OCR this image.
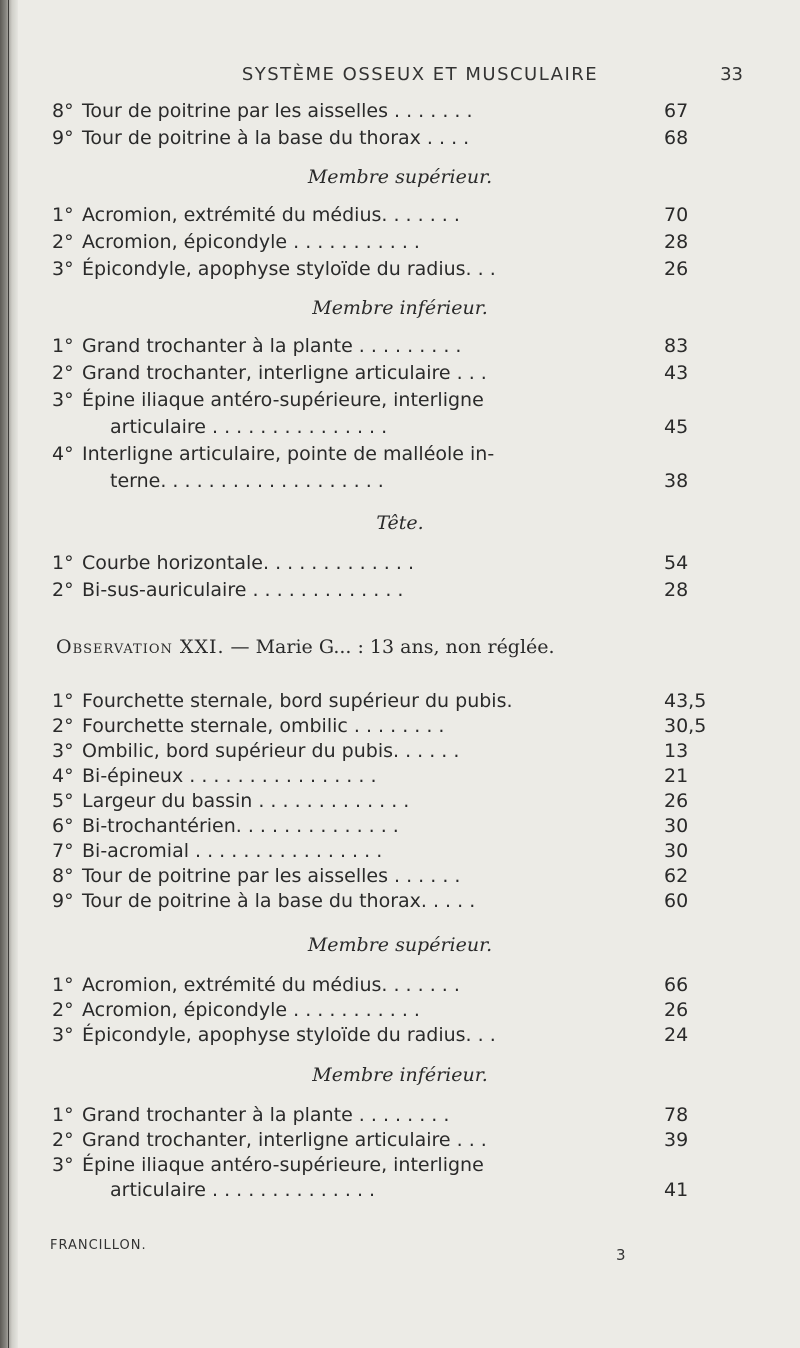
SYSTÈME OSSEUX ET MUSCULAIRE	33
8° Tour de poitrine par les aisselles . . . . . . .	67
9° Tour de poitrine à la base du thorax . . . .	68
Membre supérieur.
1° Acromion, extrémité du médius. . . . . . .	70
2° Acromion, épicondyle . . . . . . . . . . .	28
3° Épicondyle, apophyse styloïde du radius. . .	26
Membre inférieur.
1° Grand trochanter à la plante . . . . . . . . .	83
2° Grand trochanter, interligne articulaire . . .	43
3° Épine iliaque antéro-supérieure, interligne
articulaire . . . . . . . . . . . . . . .	45
4° Interligne articulaire, pointe de malléole in-
terne. . . . . . . . . . . . . . . . . . .	38
Tête.
1° Courbe horizontale. . . . . . . . . . . . .	54
2° Bi-sus-auriculaire . . . . . . . . . . . . .	28
Observation XXI. — Marie G... : 13 ans, non réglée.
1° Fourchette sternale, bord supérieur du pubis.	43,5
2° Fourchette sternale, ombilic . . . . . . . .	30,5
3° Ombilic, bord supérieur du pubis. . . . . .	13
4° Bi-épineux . . . . . . . . . . . . . . . .	21
5° Largeur du bassin . . . . . . . . . . . . .	26
6° Bi-trochantérien. . . . . . . . . . . . . .	30
7° Bi-acromial . . . . . . . . . . . . . . . .	30
8° Tour de poitrine par les aisselles . . . . . .	62
9° Tour de poitrine à la base du thorax. . . . .	60
Membre supérieur.
1° Acromion, extrémité du médius. . . . . . .	66
2° Acromion, épicondyle . . . . . . . . . . .	26
3° Épicondyle, apophyse styloïde du radius. . .	24
Membre inférieur.
1° Grand trochanter à la plante . . . . . . . .	78
2° Grand trochanter, interligne articulaire . . .	39
3° Épine iliaque antéro-supérieure, interligne
articulaire . . . . . . . . . . . . . .	41
FRANCILLON.
3
